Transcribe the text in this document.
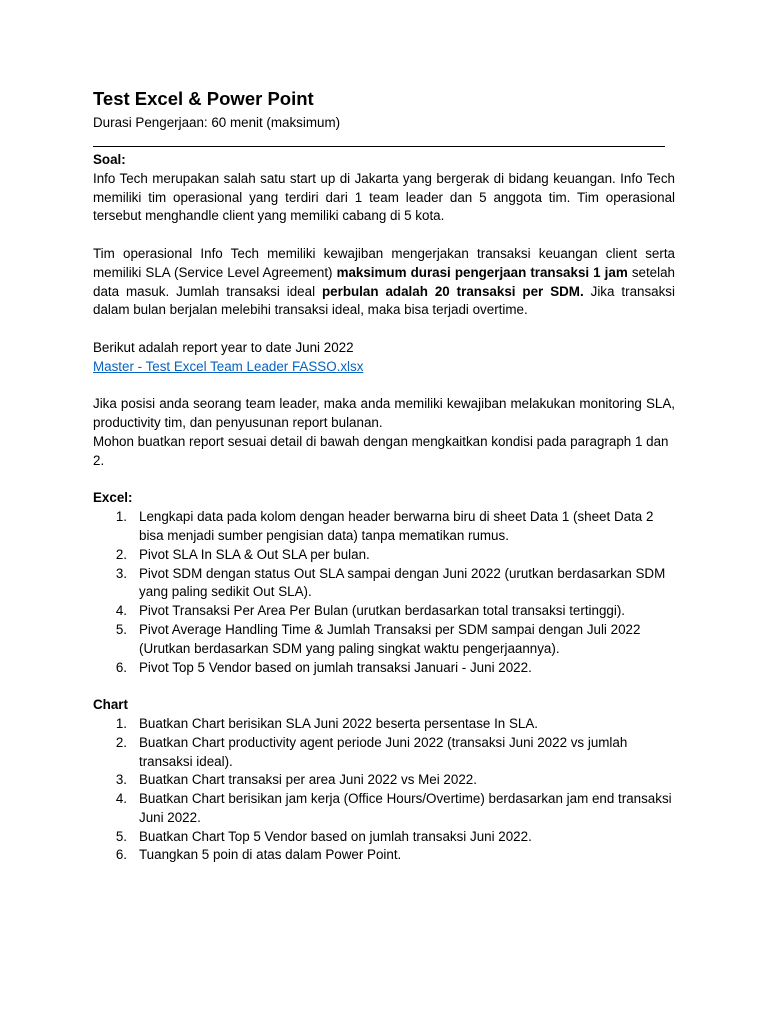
Test Excel & Power Point
Durasi Pengerjaan: 60 menit (maksimum)

Soal:

Info Tech merupakan salah satu start up di Jakarta yang bergerak di bidang keuangan. Info Tech memiliki tim operasional yang terdiri dari 1 team leader dan 5 anggota tim. Tim operasional tersebut menghandle client yang memiliki cabang di 5 kota.

Tim operasional Info Tech memiliki kewajiban mengerjakan transaksi keuangan client serta memiliki SLA (Service Level Agreement) maksimum durasi pengerjaan transaksi 1 jam setelah data masuk. Jumlah transaksi ideal perbulan adalah 20 transaksi per SDM. Jika transaksi dalam bulan berjalan melebihi transaksi ideal, maka bisa terjadi overtime.

Berikut adalah report year to date Juni 2022

Master - Test Excel Team Leader FASSO.xlsx

Jika posisi anda seorang team leader, maka anda memiliki kewajiban melakukan monitoring SLA, productivity tim, dan penyusunan report bulanan.

Mohon buatkan report sesuai detail di bawah dengan mengkaitkan kondisi pada paragraph 1 dan 2.

Excel:

1. Lengkapi data pada kolom dengan header berwarna biru di sheet Data 1 (sheet Data 2 bisa menjadi sumber pengisian data) tanpa mematikan rumus.
2. Pivot SLA In SLA & Out SLA per bulan.
3. Pivot SDM dengan status Out SLA sampai dengan Juni 2022 (urutkan berdasarkan SDM yang paling sedikit Out SLA).
4. Pivot Transaksi Per Area Per Bulan (urutkan berdasarkan total transaksi tertinggi).
5. Pivot Average Handling Time & Jumlah Transaksi per SDM sampai dengan Juli 2022 (Urutkan berdasarkan SDM yang paling singkat waktu pengerjaannya).
6. Pivot Top 5 Vendor based on jumlah transaksi Januari - Juni 2022.

Chart

1. Buatkan Chart berisikan SLA Juni 2022 beserta persentase In SLA.
2. Buatkan Chart productivity agent periode Juni 2022 (transaksi Juni 2022 vs jumlah transaksi ideal).
3. Buatkan Chart transaksi per area Juni 2022 vs Mei 2022.
4. Buatkan Chart berisikan jam kerja (Office Hours/Overtime) berdasarkan jam end transaksi Juni 2022.
5. Buatkan Chart Top 5 Vendor based on jumlah transaksi Juni 2022.
6. Tuangkan 5 poin di atas dalam Power Point.
